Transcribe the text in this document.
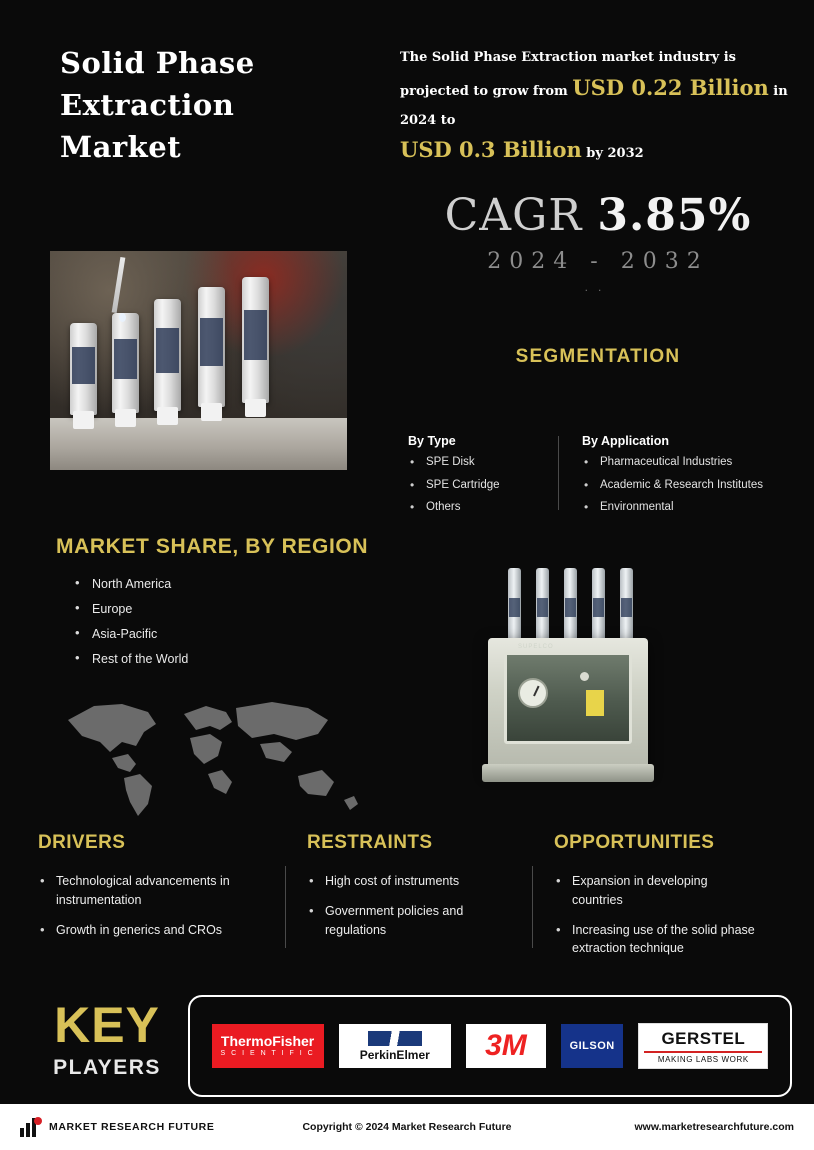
Solid Phase Extraction Market
The Solid Phase Extraction market industry is projected to grow from USD 0.22 Billion in 2024 to
USD 0.3 Billion by 2032
CAGR 3.85%
2024 - 2032
..
SEGMENTATION
By Type
• SPE Disk
• SPE Cartridge
• Others
By Application
• Pharmaceutical Industries
• Academic & Research Institutes
• Environmental
MARKET SHARE, BY REGION
• North America
• Europe
• Asia-Pacific
• Rest of the World
SUPELCO
DRIVERS
• Technological advancements in instrumentation
• Growth in generics and CROs
RESTRAINTS
• High cost of instruments
• Government policies and regulations
OPPORTUNITIES
• Expansion in developing countries
• Increasing use of the solid phase extraction technique
KEY
PLAYERS
ThermoFisher
S C I E N T I F I C	PerkinElmer	3M	GILSON	GERSTEL
MAKING LABS WORK
MARKET RESEARCH FUTURE	Copyright © 2024 Market Research Future	www.marketresearchfuture.com
